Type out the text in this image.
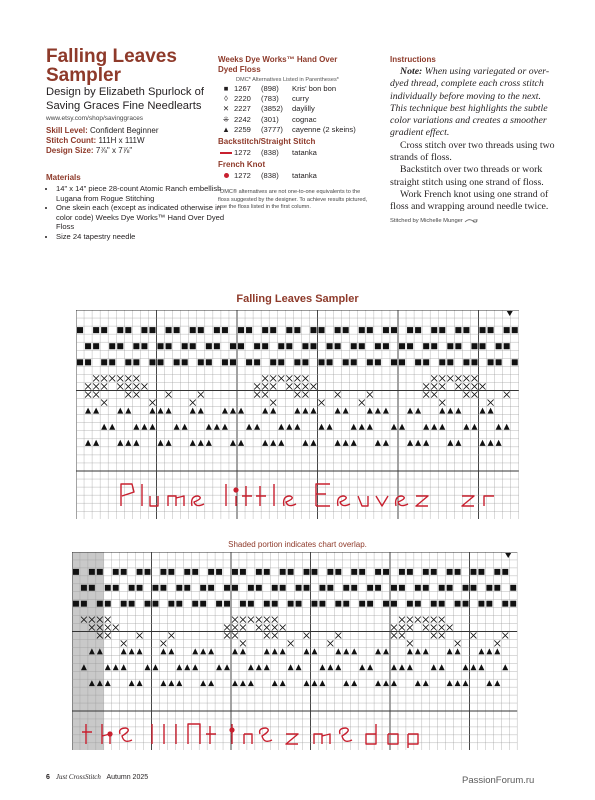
Falling Leaves Sampler
Design by Elizabeth Spurlock of Saving Graces Fine Needlearts
www.etsy.com/shop/savinggraces
Skill Level: Confident Beginner
Stitch Count: 111H x 111W
Design Size: 7⅞" x 7⅞"
Materials
• 14" x 14" piece 28-count Atomic Ranch embellish Lugana from Rogue Stitching
• One skein each (except as indicated otherwise in color code) Weeks Dye Works™ Hand Over Dyed Floss
• Size 24 tapestry needle
Weeks Dye Works™ Hand Over Dyed Floss
DMC* Alternatives Listed in Parentheses*
■ 1267	(898)	Kris' bon bon
◊ 2220	(783)	curry
✕ 2227	(3852)	daylilly
⁜ 2242	(301)	cognac
▲ 2259	(3777)	cayenne (2 skeins)
Backstitch/Straight Stitch
1272	(838)	tatanka
French Knot
1272	(838)	tatanka
*DMC® alternatives are not one-to-one equivalents to the floss suggested by the designer. To achieve results pictured, use the floss listed in the first column.
Instructions

Note: When using variegated or over-dyed thread, complete each cross stitch individually before moving to the next. This technique best highlights the subtle color variations and creates a smoother gradient effect.

Cross stitch over two threads using two strands of floss.

Backstitch over two threads or work straight stitch using one strand of floss.

Work French knot using one strand of floss and wrapping around needle twice.

Stitched by Michelle Munger
Falling Leaves Sampler
Shaded portion indicates chart overlap.
6 Just CrossStitch Autumn 2025	PassionForum.ru
